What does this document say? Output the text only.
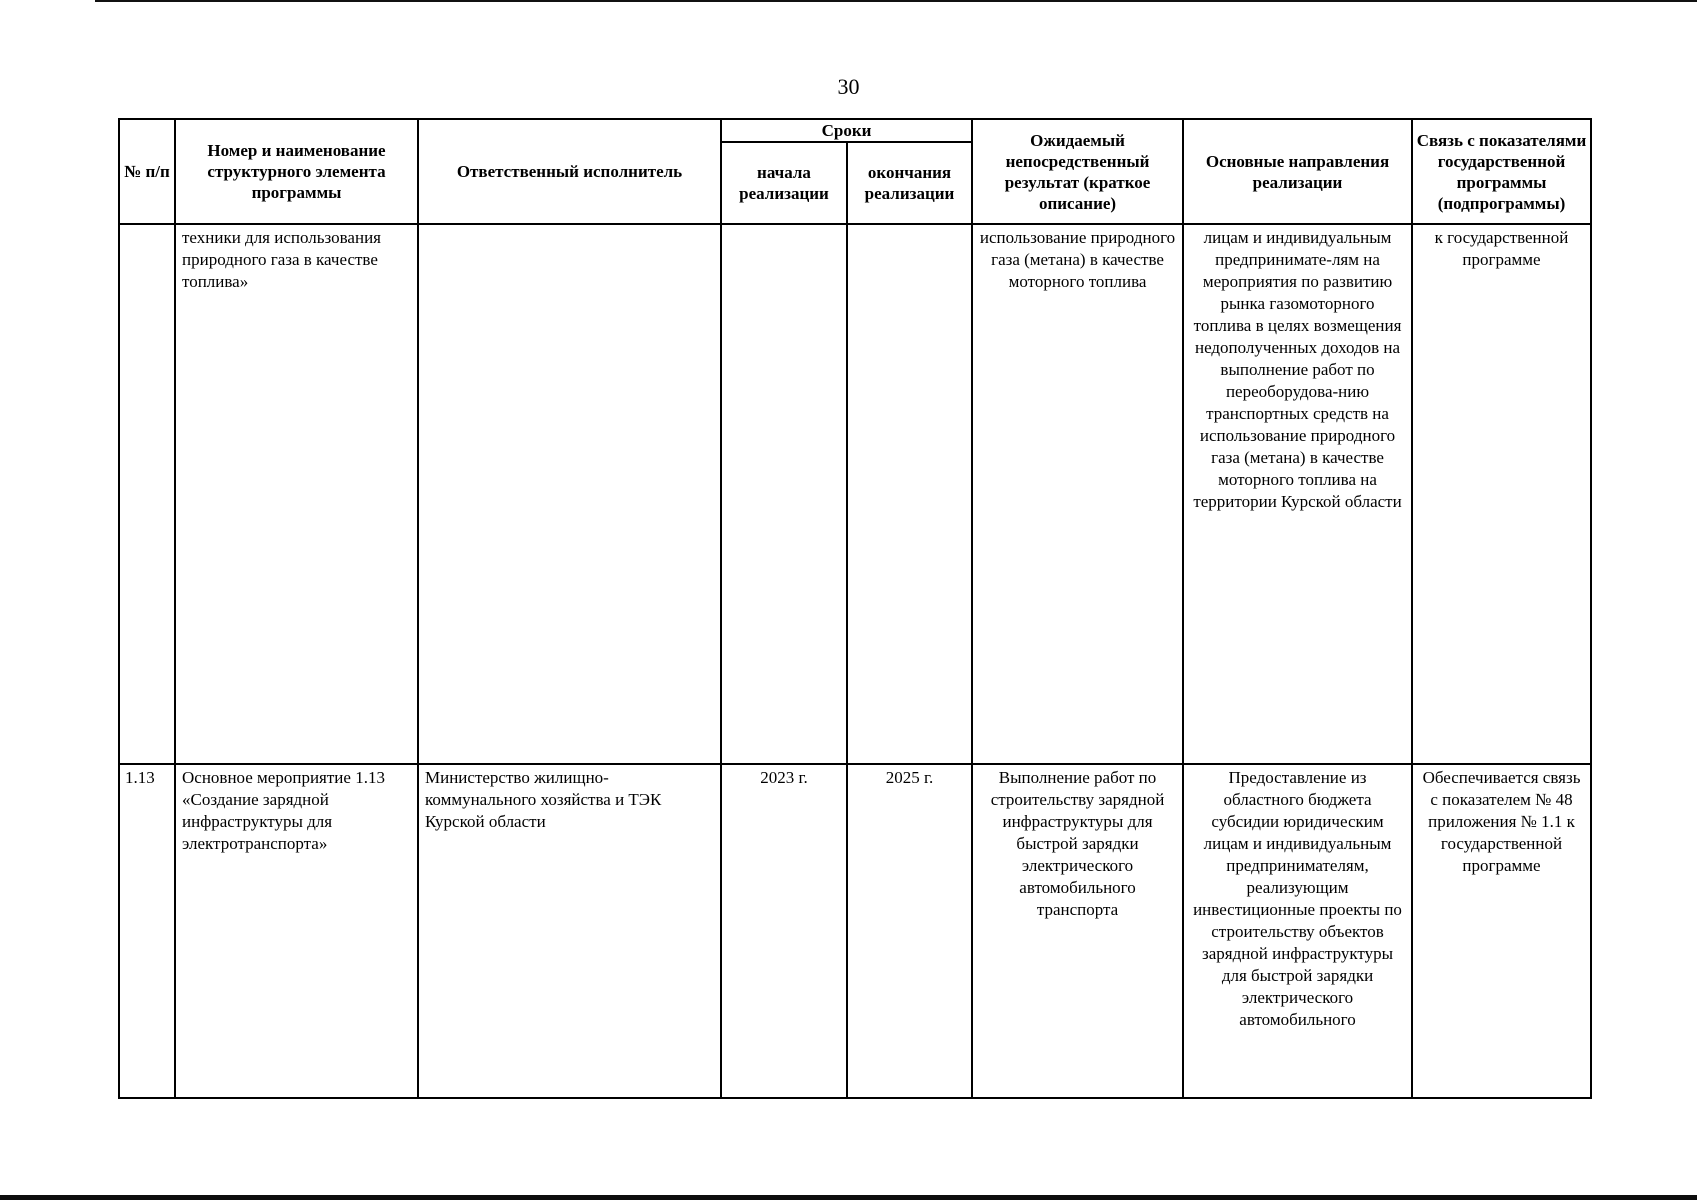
30
№ п/п	Номер и наименование структурного элемента программы	Ответственный исполнитель	Сроки		Ожидаемый непосредственный результат (краткое описание)	Основные направления реализации	Связь с показателями государственной программы (подпрограммы)
			начала реализации	окончания реализации			
	техники для использования природного газа в качестве топлива»				использование природного газа (метана) в качестве моторного топлива	лицам и индивидуальным предпринимате-лям на мероприятия по развитию рынка газомоторного топлива в целях возмещения недополученных доходов на выполнение работ по переоборудова-нию транспортных средств на использование природного газа (метана) в качестве моторного топлива на территории Курской области	к государственной программе
1.13	Основное мероприятие 1.13 «Создание зарядной инфраструктуры для электротранспорта»	Министерство жилищно-коммунального хозяйства и ТЭК Курской области	2023 г.	2025 г.	Выполнение работ по строительству зарядной инфраструктуры для быстрой зарядки электрического автомобильного транспорта	Предоставление из областного бюджета субсидии юридическим лицам и индивидуальным предпринимателям, реализующим инвестиционные проекты по строительству объектов зарядной инфраструктуры для быстрой зарядки электрического автомобильного	Обеспечивается связь с показателем № 48 приложения № 1.1 к государственной программе
